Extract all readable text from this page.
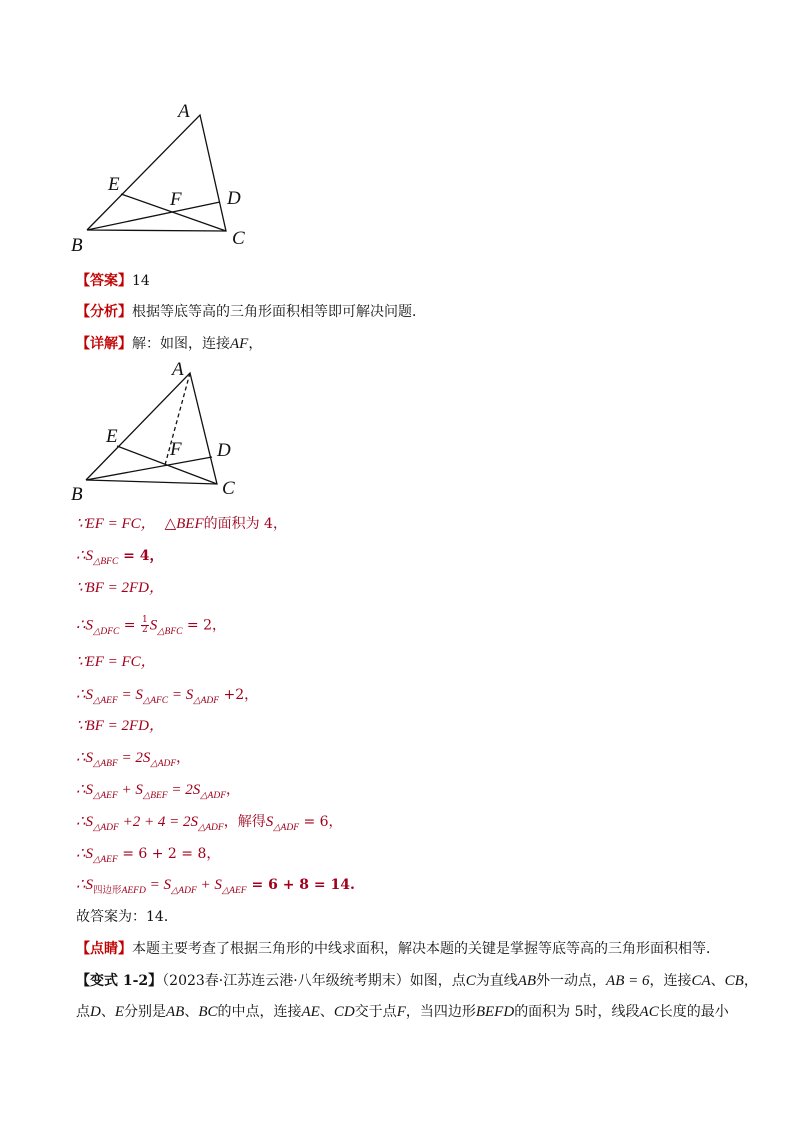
A
E
F D
B	C
【答案】14
【分析】根据等底等高的三角形面积相等即可解决问题．
【详解】解：如图，连接AF，
A
E
F D
B	C
∵EF = FC， △BEF的面积为 4，
$\therefore S_{\triangle BFC} = 4$，
∵BF = 2FD，
$\therefore S_{\triangle DFC} = \frac{1}{2} S_{\triangle BFC} = 2$，
∵EF = FC，
$\therefore S_{\triangle AEF} = S_{\triangle AFC} = S_{\triangle ADF} +2$，
∵BF = 2FD，
$\therefore S_{\triangle ABF} = 2S_{\triangle ADF}$，
$\therefore S_{\triangle AEF} + S_{\triangle BEF} = 2S_{\triangle ADF}$，
$\therefore S_{\triangle ADF} +2 + 4 = 2S_{\triangle ADF}$，解得$S_{\triangle ADF} = 6$，
$\therefore S_{\triangle AEF} = 6 + 2 = 8$，
$\therefore S_{四边形AEFD} = S_{\triangle ADF} + S_{\triangle AEF} = 6 + 8 = 14$.
故答案为：14．
【点睛】本题主要考查了根据三角形的中线求面积，解决本题的关键是掌握等底等高的三角形面积相等．
【变式 1-2】（2023春·江苏连云港·八年级统考期末）如图，点C为直线AB外一动点，AB = 6，连接CA、CB，
点D、E分别是AB、BC的中点，连接AE、CD交于点F，当四边形BEFD的面积为 5时，线段AC长度的最小
